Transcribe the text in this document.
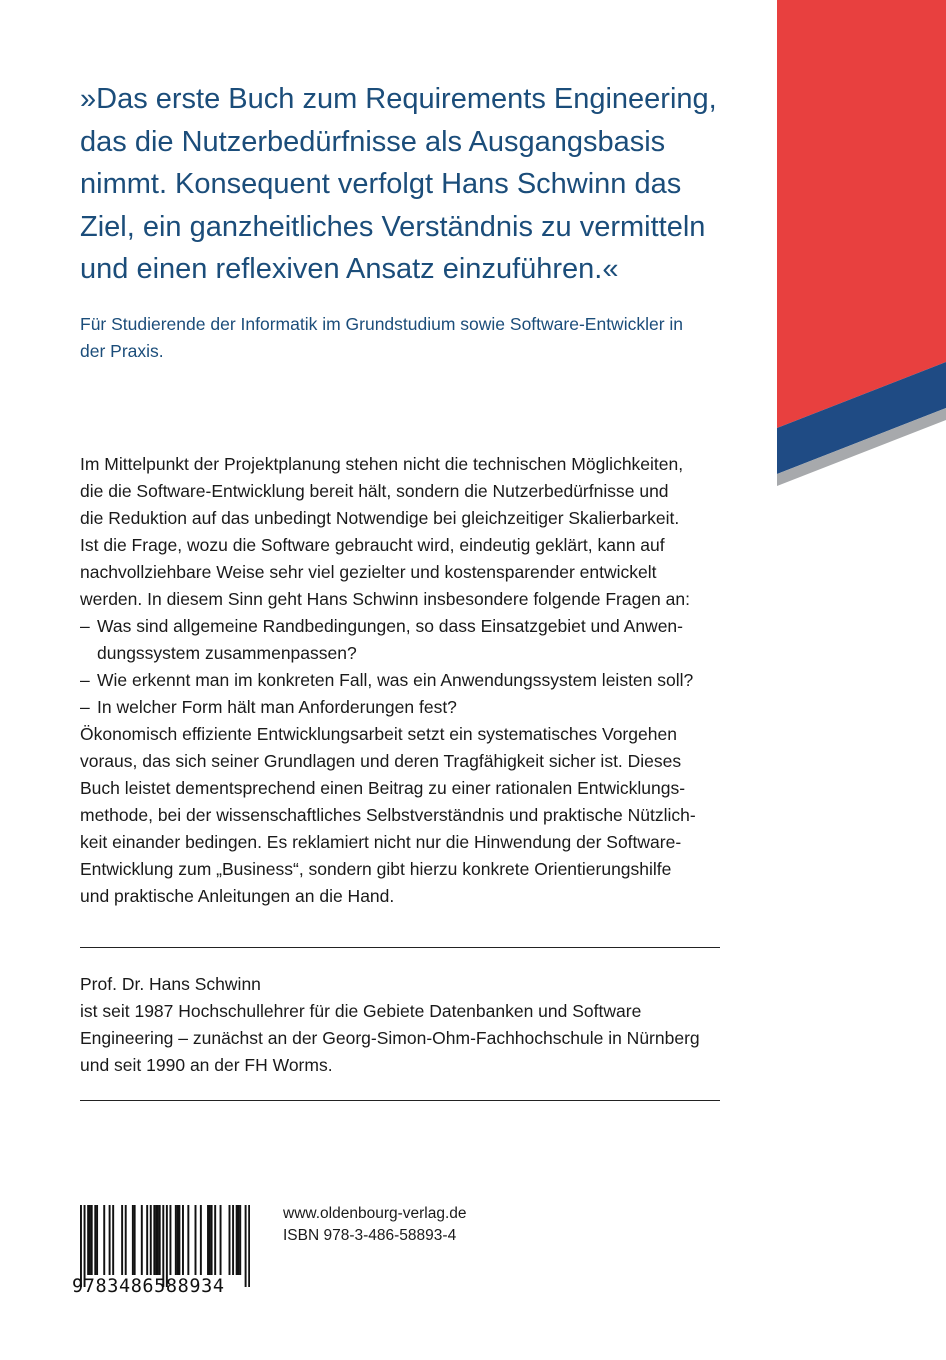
»Das erste Buch zum Requirements Engineering,
das die Nutzerbedürfnisse als Ausgangsbasis
nimmt. Konsequent verfolgt Hans Schwinn das
Ziel, ein ganzheitliches Verständnis zu vermitteln
und einen reflexiven Ansatz einzuführen.«
Für Studierende der Informatik im Grundstudium sowie Software-Entwickler in
der Praxis.
Im Mittelpunkt der Projektplanung stehen nicht die technischen Möglichkeiten,
die die Software-Entwicklung bereit hält, sondern die Nutzerbedürfnisse und
die Reduktion auf das unbedingt Notwendige bei gleichzeitiger Skalierbarkeit.
Ist die Frage, wozu die Software gebraucht wird, eindeutig geklärt, kann auf
nachvollziehbare Weise sehr viel gezielter und kostensparender entwickelt
werden. In diesem Sinn geht Hans Schwinn insbesondere folgende Fragen an:
– Was sind allgemeine Randbedingungen, so dass Einsatzgebiet und Anwen-
dungssystem zusammenpassen?
– Wie erkennt man im konkreten Fall, was ein Anwendungssystem leisten soll?
– In welcher Form hält man Anforderungen fest?
Ökonomisch effiziente Entwicklungsarbeit setzt ein systematisches Vorgehen
voraus, das sich seiner Grundlagen und deren Tragfähigkeit sicher ist. Dieses
Buch leistet dementsprechend einen Beitrag zu einer rationalen Entwicklungs-
methode, bei der wissenschaftliches Selbstverständnis und praktische Nützlich-
keit einander bedingen. Es reklamiert nicht nur die Hinwendung der Software-
Entwicklung zum „Business“, sondern gibt hierzu konkrete Orientierungshilfe
und praktische Anleitungen an die Hand.
Prof. Dr. Hans Schwinn
ist seit 1987 Hochschullehrer für die Gebiete Datenbanken und Software
Engineering – zunächst an der Georg-Simon-Ohm-Fachhochschule in Nürnberg
und seit 1990 an der FH Worms.
9783486588934
www.oldenbourg-verlag.de
ISBN 978-3-486-58893-4
